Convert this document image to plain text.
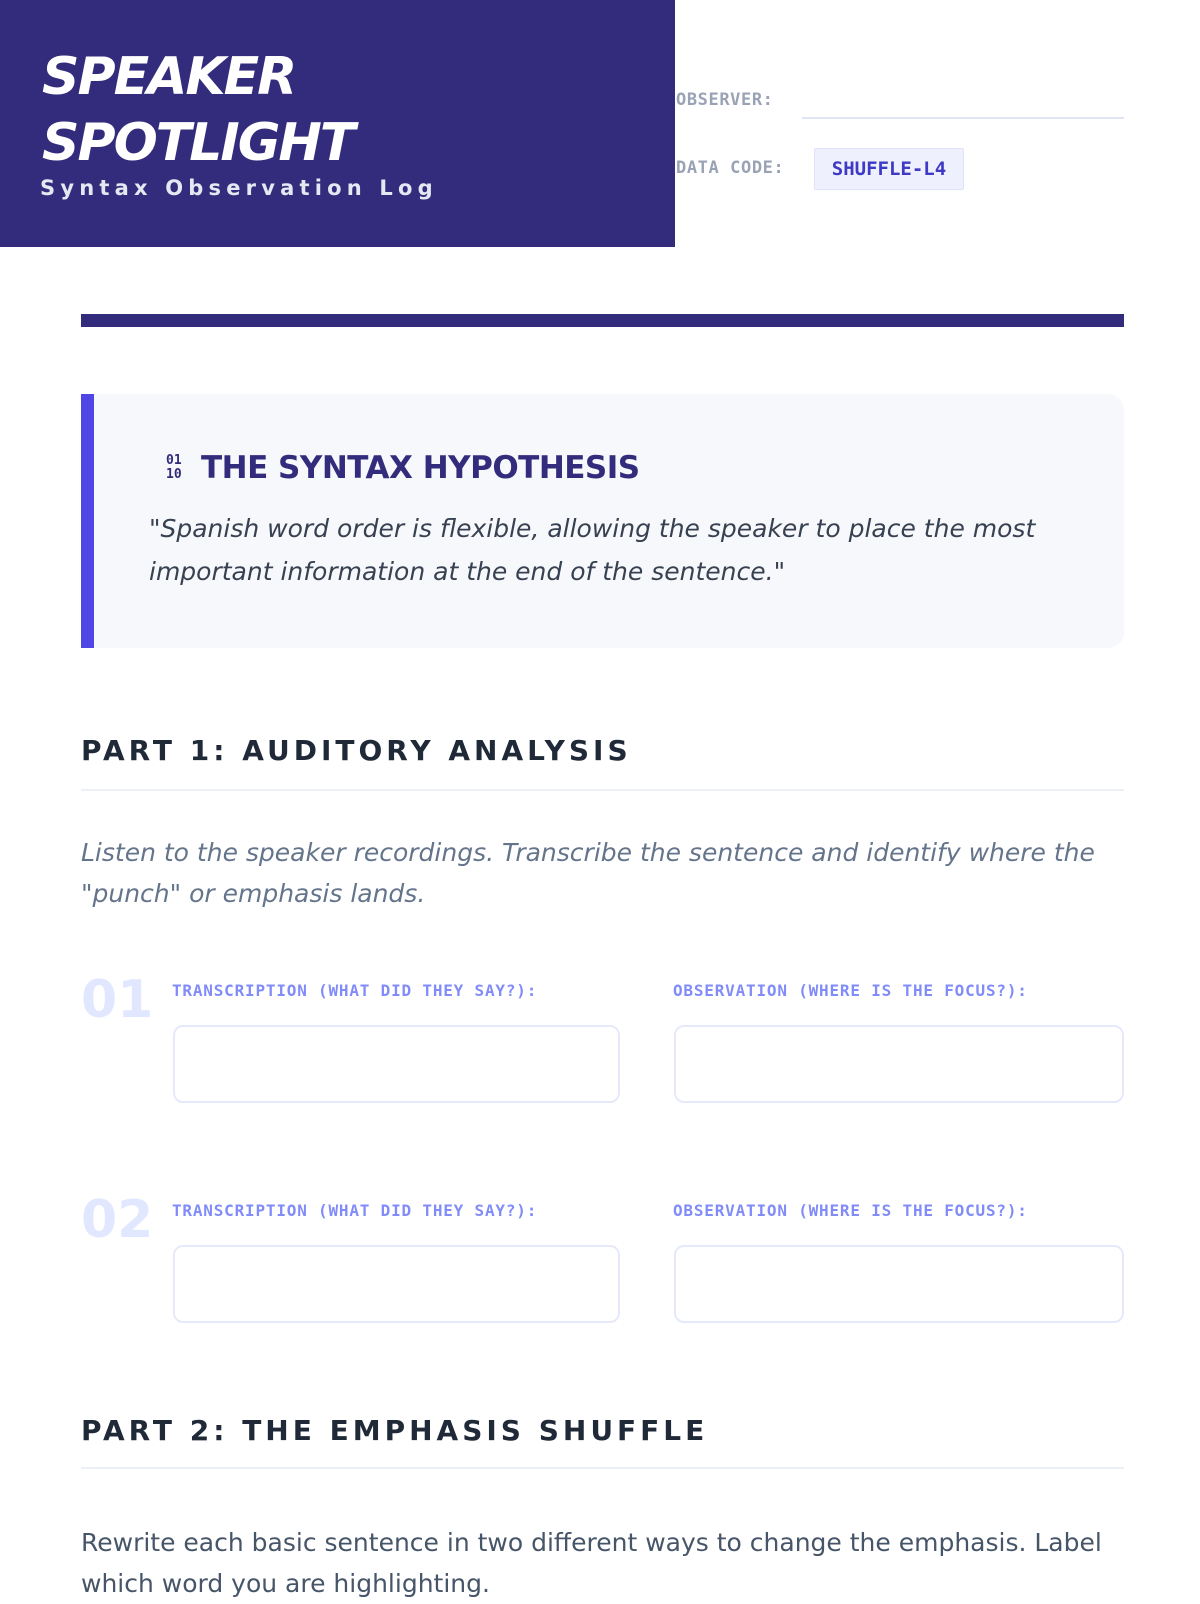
SPEAKER
SPOTLIGHT
Syntax Observation Log
OBSERVER:
DATA CODE:	SHUFFLE-L4
01
10 THE SYNTAX HYPOTHESIS

"Spanish word order is flexible, allowing the speaker to place the most important information at the end of the sentence."

PART 1: AUDITORY ANALYSIS

Listen to the speaker recordings. Transcribe the sentence and identify where the "punch" or emphasis lands.

01 TRANSCRIPTION (WHAT DID THEY SAY?):	OBSERVATION (WHERE IS THE FOCUS?):
02 TRANSCRIPTION (WHAT DID THEY SAY?):	OBSERVATION (WHERE IS THE FOCUS?):
PART 2: THE EMPHASIS SHUFFLE

Rewrite each basic sentence in two different ways to change the emphasis. Label which word you are highlighting.
